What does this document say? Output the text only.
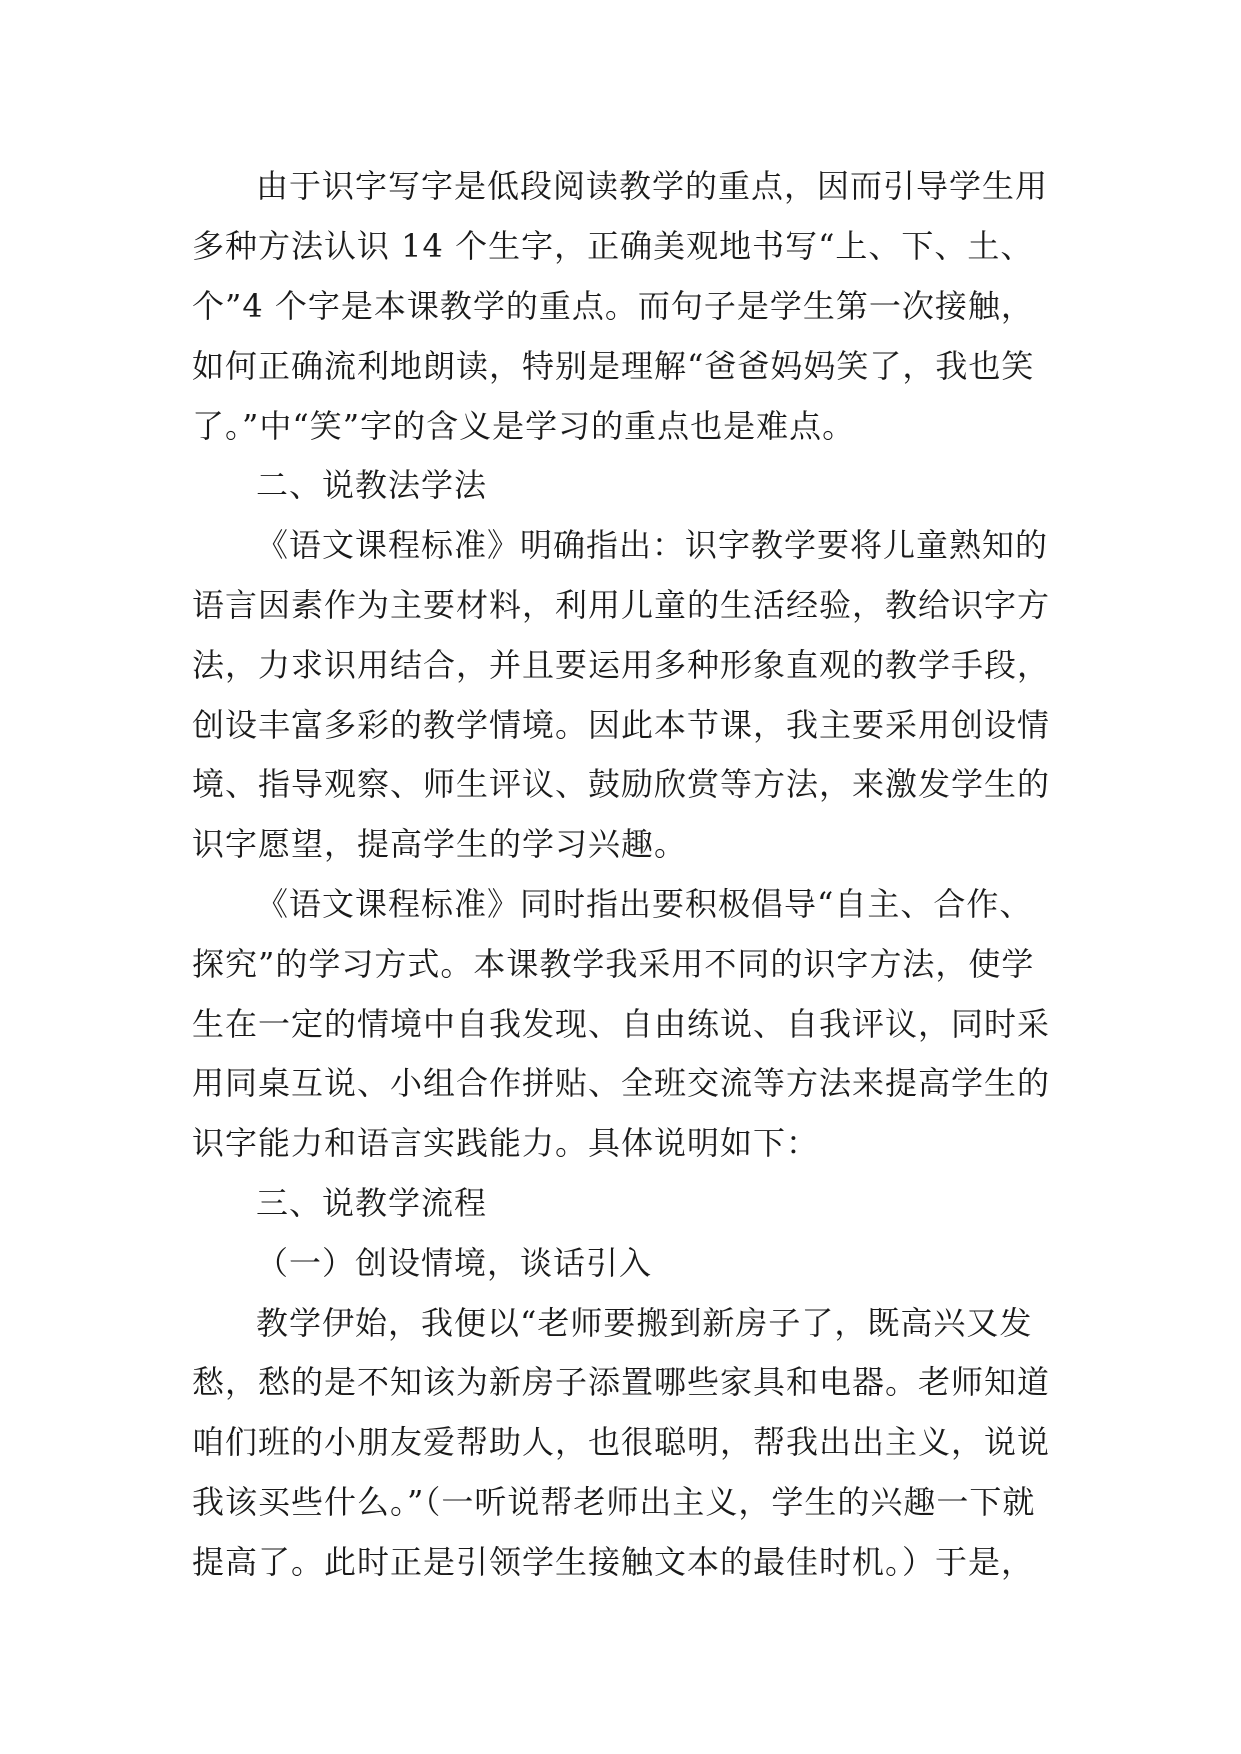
由于识字写字是低段阅读教学的重点，因而引导学生用
多种方法认识 14 个生字，正确美观地书写“上、下、土、
个”4 个字是本课教学的重点。而句子是学生第一次接触，
如何正确流利地朗读，特别是理解“爸爸妈妈笑了，我也笑
了。”中“笑”字的含义是学习的重点也是难点。
二、说教法学法
《语文课程标准》明确指出：识字教学要将儿童熟知的
语言因素作为主要材料，利用儿童的生活经验，教给识字方
法，力求识用结合，并且要运用多种形象直观的教学手段，
创设丰富多彩的教学情境。因此本节课，我主要采用创设情
境、指导观察、师生评议、鼓励欣赏等方法，来激发学生的
识字愿望，提高学生的学习兴趣。
《语文课程标准》同时指出要积极倡导“自主、合作、
探究”的学习方式。本课教学我采用不同的识字方法，使学
生在一定的情境中自我发现、自由练说、自我评议，同时采
用同桌互说、小组合作拼贴、全班交流等方法来提高学生的
识字能力和语言实践能力。具体说明如下：
三、说教学流程
（一）创设情境，谈话引入
教学伊始，我便以“老师要搬到新房子了，既高兴又发
愁，愁的是不知该为新房子添置哪些家具和电器。老师知道
咱们班的小朋友爱帮助人，也很聪明，帮我出出主义，说说
我该买些什么。”（一听说帮老师出主义，学生的兴趣一下就
提高了。此时正是引领学生接触文本的最佳时机。）于是，
